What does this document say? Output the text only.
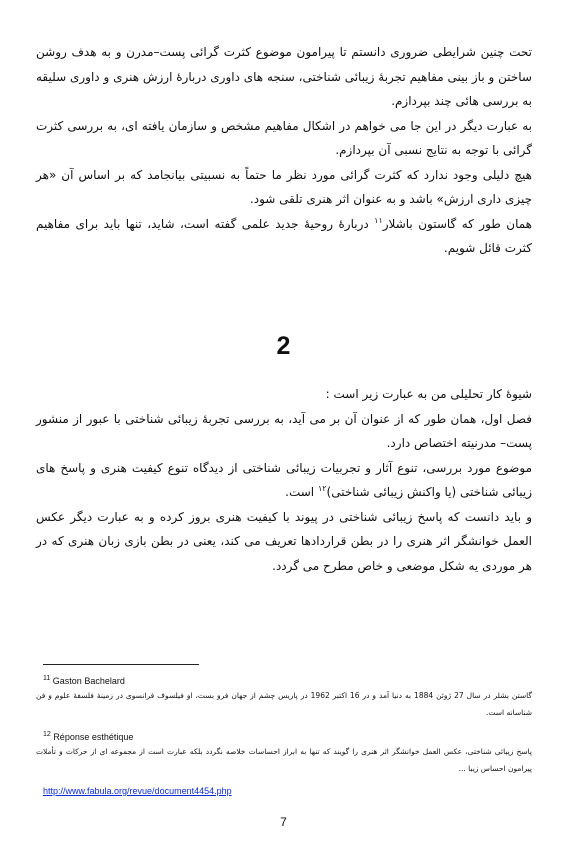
تحت چنین شرایطی ضروری دانستم تا پیرامون موضوع کثرت گرائی پست–مدرن و به هدف روشن ساختن و باز بینی مفاهیم تجربهٔ زیبائی شناختی، سنجه های داوری دربارهٔ ارزش هنری و داوری سلیقه به بررسی هائی چند بپردازم.

به عبارت دیگر در این جا می خواهم در اشکال مفاهیم مشخص و سازمان یافته ای، به بررسی کثرت گرائی با توجه به نتایج نسبی آن بپردازم.

هیچ دلیلی وجود ندارد که کثرت گرائی مورد نظر ما حتماً به نسبیتی بیانجامد که بر اساس آن «هر چیزی داری ارزش» باشد و به عنوان اثر هنری تلقی شود.

همان طور که گاستون باشلار$^{۱۱}$ دربارهٔ روحیهٔ جدید علمی گفته است، شاید، تنها باید برای مفاهیم کثرت قائل شویم.

2

شیوهٔ کار تحلیلی من به عبارت زیر است :

فصل اول، همان طور که از عنوان آن بر می آید، به بررسی تجربهٔ زیبائی شناختی با عبور از منشور پست– مدرنیته اختصاص دارد.

موضوع مورد بررسی، تنوع آثار و تجربیات زیبائی شناختی از دیدگاه تنوع کیفیت هنری و پاسخ های زیبائی شناختی (یا واکنش زیبائی شناختی)$^{۱۲}$ است.

و باید دانست که پاسخ زیبائی شناختی در پیوند با کیفیت هنری بروز کرده و به عبارت دیگر عکس العمل خوانشگر اثر هنری را در بطن قراردادها تعریف می کند، یعنی در بطن بازی زبان هنری که در هر موردی یه شکل موضعی و خاص مطرح می گردد.

$^{11}$ Gaston Bachelard

گاستن بشلر در سال 27 ژوئن 1884 به دنیا آمد و در 16 اکتبر 1962 در پاریس چشم از جهان فرو بست، او فیلسوف فرانسوی در زمینهٔ فلسفهٔ علوم و فن شناسانه است.

$^{12}$ Réponse esthétique

پاسخ زیبائی شناختی، عکس العمل خوانشگر اثر هنری را گویند که تنها به ابراز احساسات خلاصه نگردد بلکه عبارت است از مجموعه ای از حرکات و تأملات پیرامون احساس زیبا ...

http://www.fabula.org/revue/document4454.php
7
